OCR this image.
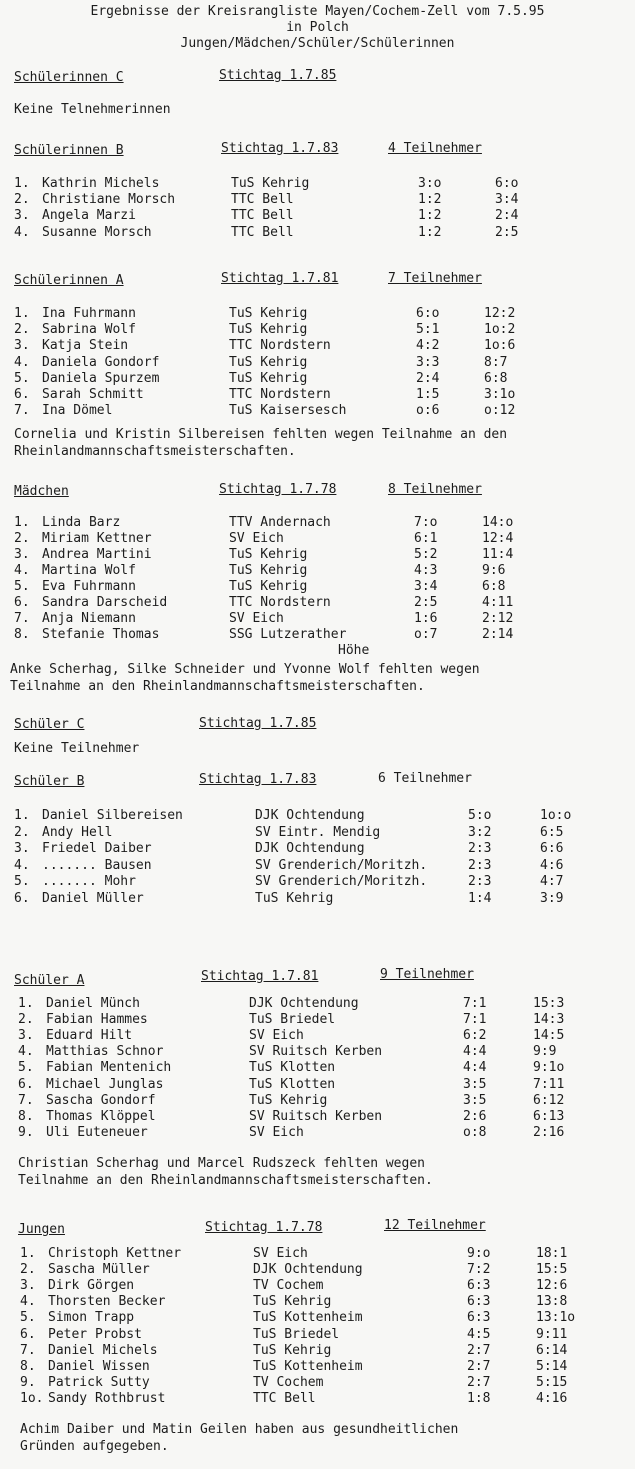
Ergebnisse der Kreisrangliste Mayen/Cochem-Zell vom 7.5.95
in Polch
Jungen/Mädchen/Schüler/Schülerinnen
Schülerinnen C	Stichtag 1.7.85
Keine Telnehmerinnen
Schülerinnen B	Stichtag 1.7.83	4 Teilnehmer
1. Kathrin Michels	TuS Kehrig	3:o	6:o
2. Christiane Morsch	TTC Bell	1:2	3:4
3. Angela Marzi	TTC Bell	1:2	2:4
4. Susanne Morsch	TTC Bell	1:2	2:5
Schülerinnen A	Stichtag 1.7.81	7 Teilnehmer
1. Ina Fuhrmann	TuS Kehrig	6:o	12:2
2. Sabrina Wolf	TuS Kehrig	5:1	1o:2
3. Katja Stein	TTC Nordstern	4:2	1o:6
4. Daniela Gondorf	TuS Kehrig	3:3	8:7
5. Daniela Spurzem	TuS Kehrig	2:4	6:8
6. Sarah Schmitt	TTC Nordstern	1:5	3:1o
7. Ina Dömel	TuS Kaisersesch	o:6	o:12
Cornelia und Kristin Silbereisen fehlten wegen Teilnahme an den
Rheinlandmannschaftsmeisterschaften.
Mädchen	Stichtag 1.7.78	8 Teilnehmer
1. Linda Barz	TTV Andernach	7:o	14:o
2. Miriam Kettner	SV Eich	6:1	12:4
3. Andrea Martini	TuS Kehrig	5:2	11:4
4. Martina Wolf	TuS Kehrig	4:3	9:6
5. Eva Fuhrmann	TuS Kehrig	3:4	6:8
6. Sandra Darscheid	TTC Nordstern	2:5	4:11
7. Anja Niemann	SV Eich	1:6	2:12
8. Stefanie Thomas	SSG Lutzerather	o:7	2:14
Höhe
Anke Scherhag, Silke Schneider und Yvonne Wolf fehlten wegen
Teilnahme an den Rheinlandmannschaftsmeisterschaften.
Schüler C	Stichtag 1.7.85
Keine Teilnehmer
Schüler B	Stichtag 1.7.83	6 Teilnehmer
1. Daniel Silbereisen	DJK Ochtendung	5:o	1o:o
2. Andy Hell	SV Eintr. Mendig	3:2	6:5
3. Friedel Daiber	DJK Ochtendung	2:3	6:6
4. ....... Bausen	SV Grenderich/Moritzh.	2:3	4:6
5. ....... Mohr	SV Grenderich/Moritzh.	2:3	4:7
6. Daniel Müller	TuS Kehrig	1:4	3:9
Schüler A	Stichtag 1.7.81	9 Teilnehmer
1. Daniel Münch	DJK Ochtendung	7:1	15:3
2. Fabian Hammes	TuS Briedel	7:1	14:3
3. Eduard Hilt	SV Eich	6:2	14:5
4. Matthias Schnor	SV Ruitsch Kerben	4:4	9:9
5. Fabian Mentenich	TuS Klotten	4:4	9:1o
6. Michael Junglas	TuS Klotten	3:5	7:11
7. Sascha Gondorf	TuS Kehrig	3:5	6:12
8. Thomas Klöppel	SV Ruitsch Kerben	2:6	6:13
9. Uli Euteneuer	SV Eich	o:8	2:16
Christian Scherhag und Marcel Rudszeck fehlten wegen
Teilnahme an den Rheinlandmannschaftsmeisterschaften.
Jungen	Stichtag 1.7.78	12 Teilnehmer
1. Christoph Kettner	SV Eich	9:o	18:1
2. Sascha Müller	DJK Ochtendung	7:2	15:5
3. Dirk Görgen	TV Cochem	6:3	12:6
4. Thorsten Becker	TuS Kehrig	6:3	13:8
5. Simon Trapp	TuS Kottenheim	6:3	13:1o
6. Peter Probst	TuS Briedel	4:5	9:11
7. Daniel Michels	TuS Kehrig	2:7	6:14
8. Daniel Wissen	TuS Kottenheim	2:7	5:14
9. Patrick Sutty	TV Cochem	2:7	5:15
1o. Sandy Rothbrust	TTC Bell	1:8	4:16
Achim Daiber und Matin Geilen haben aus gesundheitlichen
Gründen aufgegeben.
